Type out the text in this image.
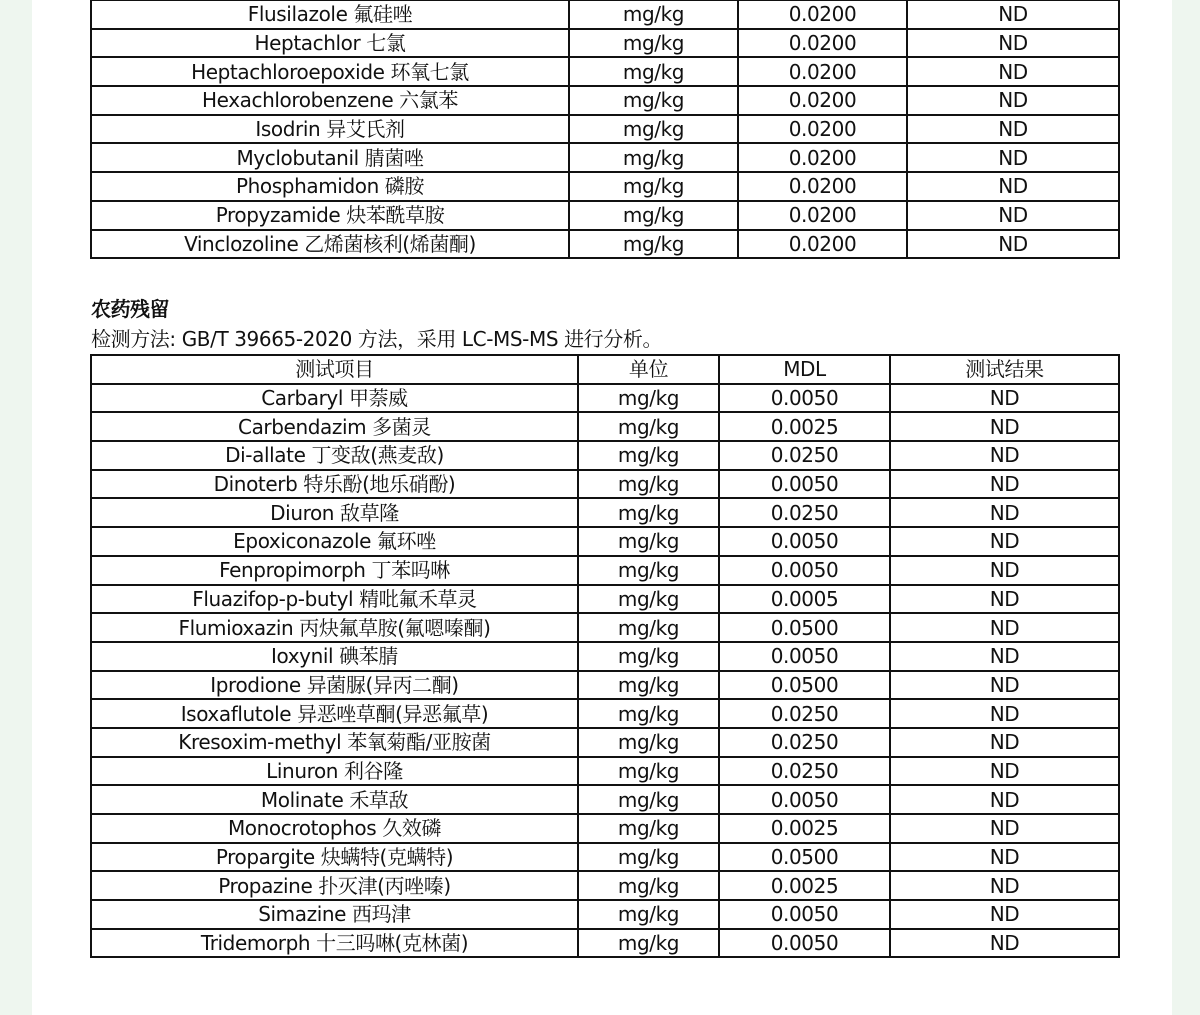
Flusilazole 氟硅唑	mg/kg	0.0200	ND
Heptachlor 七氯	mg/kg	0.0200	ND
Heptachloroepoxide 环氧七氯	mg/kg	0.0200	ND
Hexachlorobenzene 六氯苯	mg/kg	0.0200	ND
Isodrin 异艾氏剂	mg/kg	0.0200	ND
Myclobutanil 腈菌唑	mg/kg	0.0200	ND
Phosphamidon 磷胺	mg/kg	0.0200	ND
Propyzamide 炔苯酰草胺	mg/kg	0.0200	ND
Vinclozoline 乙烯菌核利(烯菌酮)	mg/kg	0.0200	ND
农药残留
检测方法: GB/T 39665-2020 方法，采用 LC-MS-MS 进行分析。
测试项目	单位	MDL	测试结果
Carbaryl 甲萘威	mg/kg	0.0050	ND
Carbendazim 多菌灵	mg/kg	0.0025	ND
Di-allate 丁变敌(燕麦敌)	mg/kg	0.0250	ND
Dinoterb 特乐酚(地乐硝酚)	mg/kg	0.0050	ND
Diuron 敌草隆	mg/kg	0.0250	ND
Epoxiconazole 氟环唑	mg/kg	0.0050	ND
Fenpropimorph 丁苯吗啉	mg/kg	0.0050	ND
Fluazifop-p-butyl 精吡氟禾草灵	mg/kg	0.0005	ND
Flumioxazin 丙炔氟草胺(氟嗯嗪酮)	mg/kg	0.0500	ND
Ioxynil 碘苯腈	mg/kg	0.0050	ND
Iprodione 异菌脲(异丙二酮)	mg/kg	0.0500	ND
Isoxaflutole 异恶唑草酮(异恶氟草)	mg/kg	0.0250	ND
Kresoxim-methyl 苯氧菊酯/亚胺菌	mg/kg	0.0250	ND
Linuron 利谷隆	mg/kg	0.0250	ND
Molinate 禾草敌	mg/kg	0.0050	ND
Monocrotophos 久效磷	mg/kg	0.0025	ND
Propargite 炔螨特(克螨特)	mg/kg	0.0500	ND
Propazine 扑灭津(丙唑嗪)	mg/kg	0.0025	ND
Simazine 西玛津	mg/kg	0.0050	ND
Tridemorph 十三吗啉(克林菌)	mg/kg	0.0050	ND
